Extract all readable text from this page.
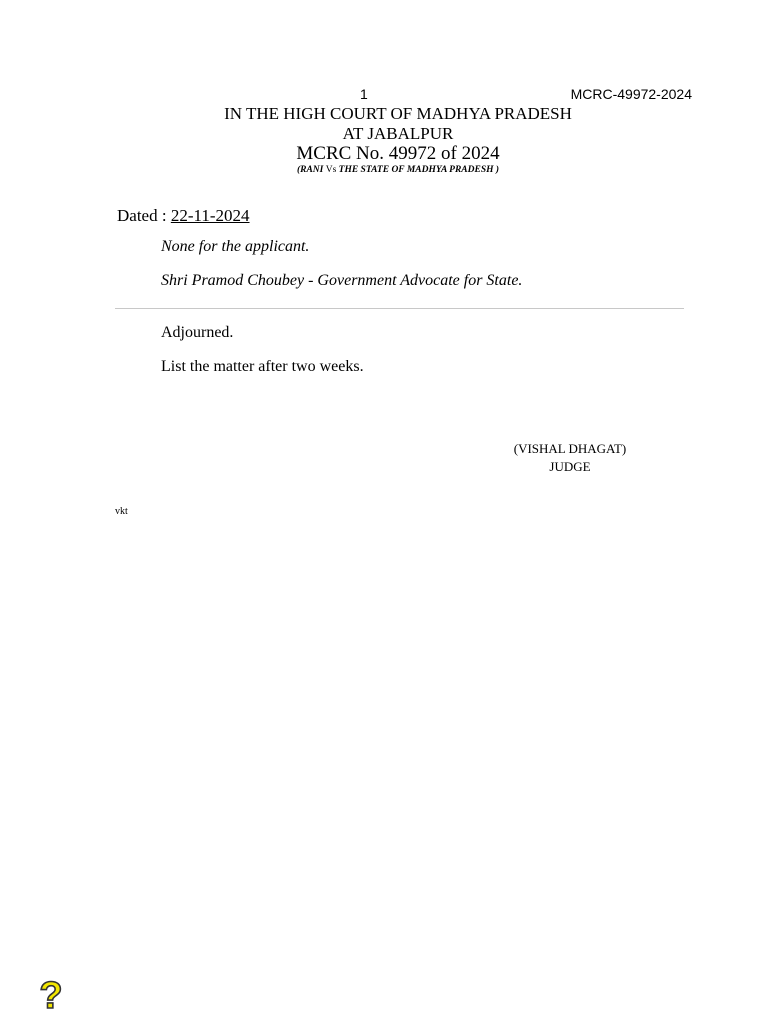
1	MCRC-49972-2024
IN THE HIGH COURT OF MADHYA PRADESH
AT JABALPUR
MCRC No. 49972 of 2024
(RANI Vs THE STATE OF MADHYA PRADESH )
Dated : 22-11-2024
None for the applicant.
Shri Pramod Choubey - Government Advocate for State.
Adjourned.
List the matter after two weeks.
(VISHAL DHAGAT)
JUDGE
vkt
?
